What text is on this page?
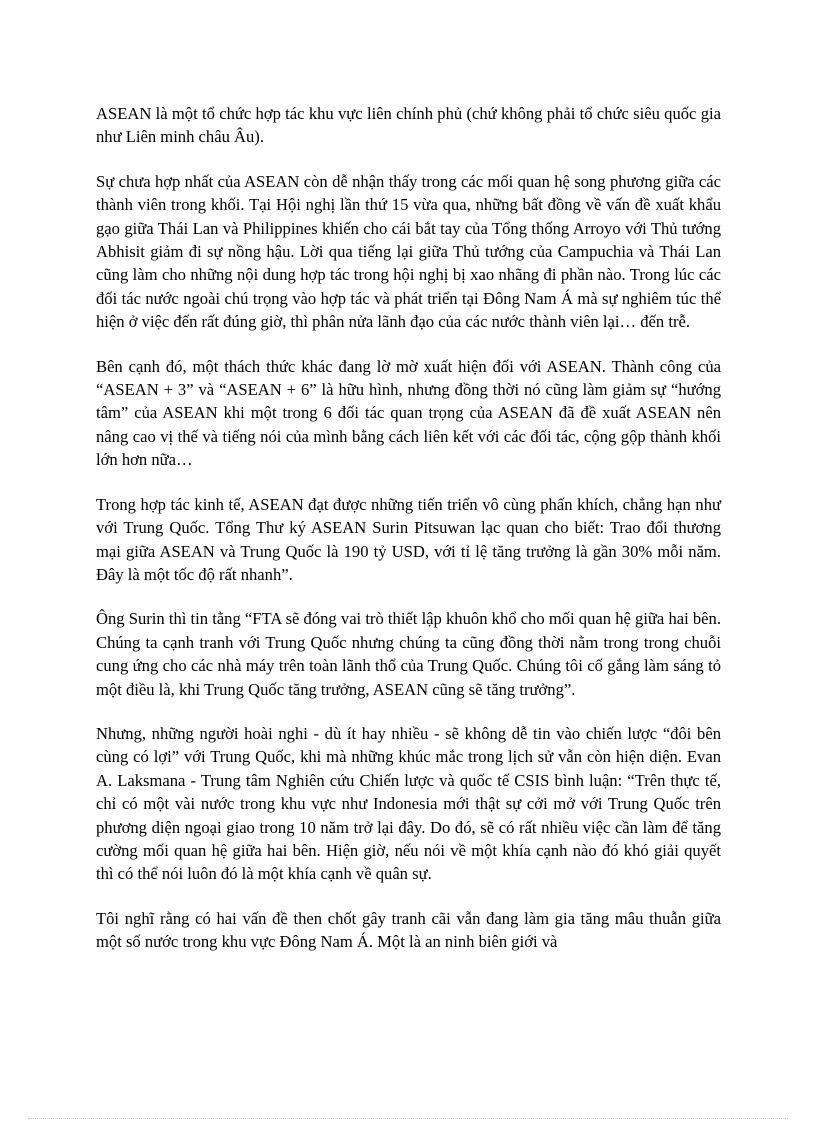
ASEAN là một tổ chức hợp tác khu vực liên chính phủ (chứ không phải tổ chức siêu quốc gia như Liên minh châu Âu).

Sự chưa hợp nhất của ASEAN còn dễ nhận thấy trong các mối quan hệ song phương giữa các thành viên trong khối. Tại Hội nghị lần thứ 15 vừa qua, những bất đồng về vấn đề xuất khẩu gạo giữa Thái Lan và Philippines khiến cho cái bắt tay của Tổng thống Arroyo với Thủ tướng Abhisit giảm đi sự nồng hậu. Lời qua tiếng lại giữa Thủ tướng của Campuchia và Thái Lan cũng làm cho những nội dung hợp tác trong hội nghị bị xao nhãng đi phần nào. Trong lúc các đối tác nước ngoài chú trọng vào hợp tác và phát triển tại Đông Nam Á mà sự nghiêm túc thể hiện ở việc đến rất đúng giờ, thì phân nửa lãnh đạo của các nước thành viên lại… đến trễ.

Bên cạnh đó, một thách thức khác đang lờ mờ xuất hiện đối với ASEAN. Thành công của “ASEAN + 3” và “ASEAN + 6” là hữu hình, nhưng đồng thời nó cũng làm giảm sự “hướng tâm” của ASEAN khi một trong 6 đối tác quan trọng của ASEAN đã đề xuất ASEAN nên nâng cao vị thế và tiếng nói của mình bằng cách liên kết với các đối tác, cộng gộp thành khối lớn hơn nữa…

Trong hợp tác kinh tế, ASEAN đạt được những tiến triển vô cùng phấn khích, chẳng hạn như với Trung Quốc. Tổng Thư ký ASEAN Surin Pitsuwan lạc quan cho biết: Trao đổi thương mại giữa ASEAN và Trung Quốc là 190 tỷ USD, với tỉ lệ tăng trưởng là gần 30% mỗi năm. Đây là một tốc độ rất nhanh”.

Ông Surin thì tin tằng “FTA sẽ đóng vai trò thiết lập khuôn khổ cho mối quan hệ giữa hai bên. Chúng ta cạnh tranh với Trung Quốc nhưng chúng ta cũng đồng thời nằm trong trong chuỗi cung ứng cho các nhà máy trên toàn lãnh thổ của Trung Quốc. Chúng tôi cố gắng làm sáng tỏ một điều là, khi Trung Quốc tăng trưởng, ASEAN cũng sẽ tăng trưởng”.

Nhưng, những người hoài nghi - dù ít hay nhiều - sẽ không dễ tin vào chiến lược “đôi bên cùng có lợi” với Trung Quốc, khi mà những khúc mắc trong lịch sử vẫn còn hiện diện. Evan A. Laksmana - Trung tâm Nghiên cứu Chiến lược và quốc tế CSIS bình luận: “Trên thực tế, chỉ có một vài nước trong khu vực như Indonesia mới thật sự cởi mở với Trung Quốc trên phương diện ngoại giao trong 10 năm trở lại đây. Do đó, sẽ có rất nhiều việc cần làm để tăng cường mối quan hệ giữa hai bên. Hiện giờ, nếu nói về một khía cạnh nào đó khó giải quyết thì có thể nói luôn đó là một khía cạnh về quân sự.

Tôi nghĩ rằng có hai vấn đề then chốt gây tranh cãi vẫn đang làm gia tăng mâu thuẫn giữa một số nước trong khu vực Đông Nam Á. Một là an ninh biên giới và
